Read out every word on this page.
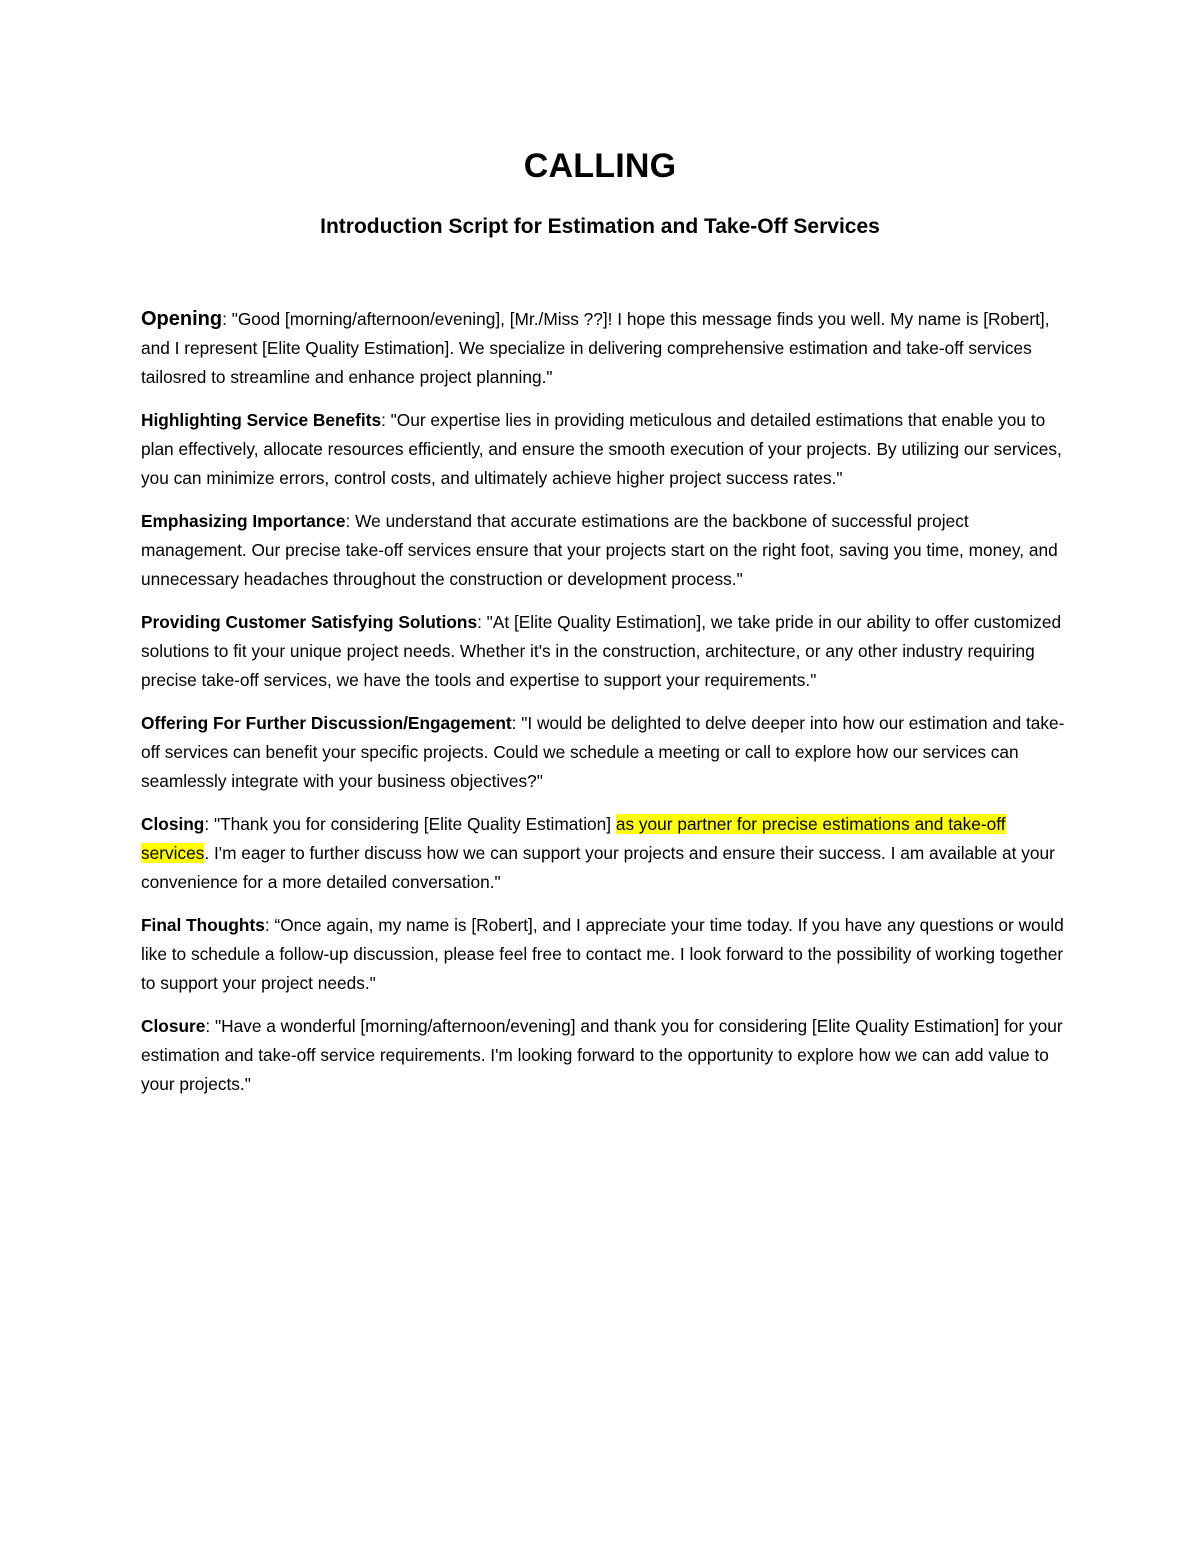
CALLING
Introduction Script for Estimation and Take-Off Services

Opening: "Good [morning/afternoon/evening], [Mr./Miss ??]! I hope this message finds you well. My name is [Robert], and I represent [Elite Quality Estimation]. We specialize in delivering comprehensive estimation and take-off services tailosred to streamline and enhance project planning."

Highlighting Service Benefits: "Our expertise lies in providing meticulous and detailed estimations that enable you to plan effectively, allocate resources efficiently, and ensure the smooth execution of your projects. By utilizing our services, you can minimize errors, control costs, and ultimately achieve higher project success rates."

Emphasizing Importance: We understand that accurate estimations are the backbone of successful project management. Our precise take-off services ensure that your projects start on the right foot, saving you time, money, and unnecessary headaches throughout the construction or development process."

Providing Customer Satisfying Solutions: "At [Elite Quality Estimation], we take pride in our ability to offer customized solutions to fit your unique project needs. Whether it's in the construction, architecture, or any other industry requiring precise take-off services, we have the tools and expertise to support your requirements."

Offering For Further Discussion/Engagement: "I would be delighted to delve deeper into how our estimation and take-off services can benefit your specific projects. Could we schedule a meeting or call to explore how our services can seamlessly integrate with your business objectives?"

Closing: "Thank you for considering [Elite Quality Estimation] as your partner for precise estimations and take-off services. I'm eager to further discuss how we can support your projects and ensure their success. I am available at your convenience for a more detailed conversation."

Final Thoughts: “Once again, my name is [Robert], and I appreciate your time today. If you have any questions or would like to schedule a follow-up discussion, please feel free to contact me. I look forward to the possibility of working together to support your project needs."

Closure: "Have a wonderful [morning/afternoon/evening] and thank you for considering [Elite Quality Estimation] for your estimation and take-off service requirements. I'm looking forward to the opportunity to explore how we can add value to your projects."
